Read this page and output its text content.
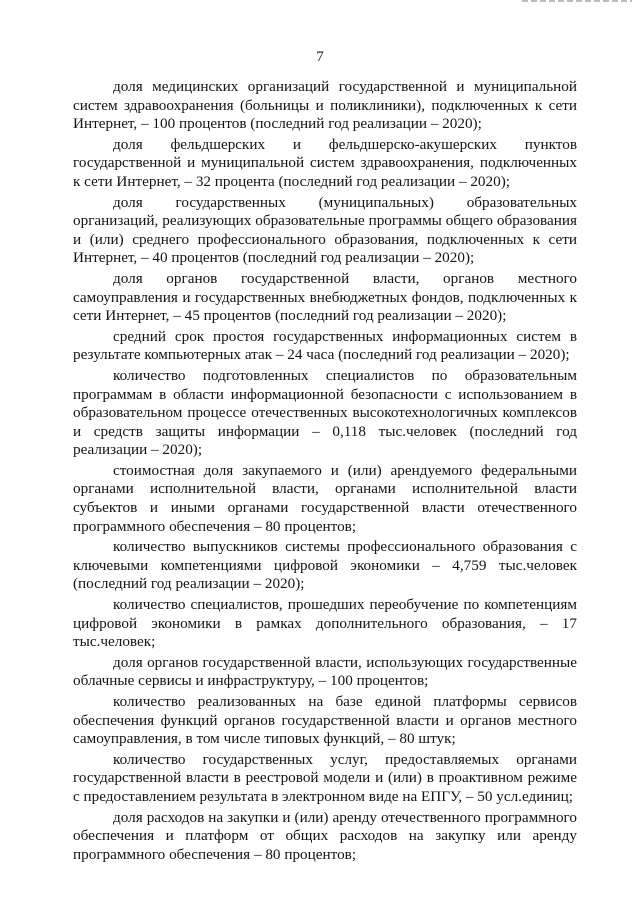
7

доля медицинских организаций государственной и муниципальной систем здравоохранения (больницы и поликлиники), подключенных к сети Интернет, – 100 процентов (последний год реализации – 2020);

доля фельдшерских и фельдшерско-акушерских пунктов государственной и муниципальной систем здравоохранения, подключенных к сети Интернет, – 32 процента (последний год реализации – 2020);

доля государственных (муниципальных) образовательных организаций, реализующих образовательные программы общего образования и (или) среднего профессионального образования, подключенных к сети Интернет, – 40 процентов (последний год реализации – 2020);

доля органов государственной власти, органов местного самоуправления и государственных внебюджетных фондов, подключенных к сети Интернет, – 45 процентов (последний год реализации – 2020);

средний срок простоя государственных информационных систем в результате компьютерных атак – 24 часа (последний год реализации – 2020);

количество подготовленных специалистов по образовательным программам в области информационной безопасности с использованием в образовательном процессе отечественных высокотехнологичных комплексов и средств защиты информации – 0,118 тыс.человек (последний год реализации – 2020);

стоимостная доля закупаемого и (или) арендуемого федеральными органами исполнительной власти, органами исполнительной власти субъектов и иными органами государственной власти отечественного программного обеспечения – 80 процентов;

количество выпускников системы профессионального образования с ключевыми компетенциями цифровой экономики – 4,759 тыс.человек (последний год реализации – 2020);

количество специалистов, прошедших переобучение по компетенциям цифровой экономики в рамках дополнительного образования, – 17 тыс.человек;

доля органов государственной власти, использующих государственные облачные сервисы и инфраструктуру, – 100 процентов;

количество реализованных на базе единой платформы сервисов обеспечения функций органов государственной власти и органов местного самоуправления, в том числе типовых функций, – 80 штук;

количество государственных услуг, предоставляемых органами государственной власти в реестровой модели и (или) в проактивном режиме с предоставлением результата в электронном виде на ЕПГУ, – 50 усл.единиц;

доля расходов на закупки и (или) аренду отечественного программного обеспечения и платформ от общих расходов на закупку или аренду программного обеспечения – 80 процентов;
